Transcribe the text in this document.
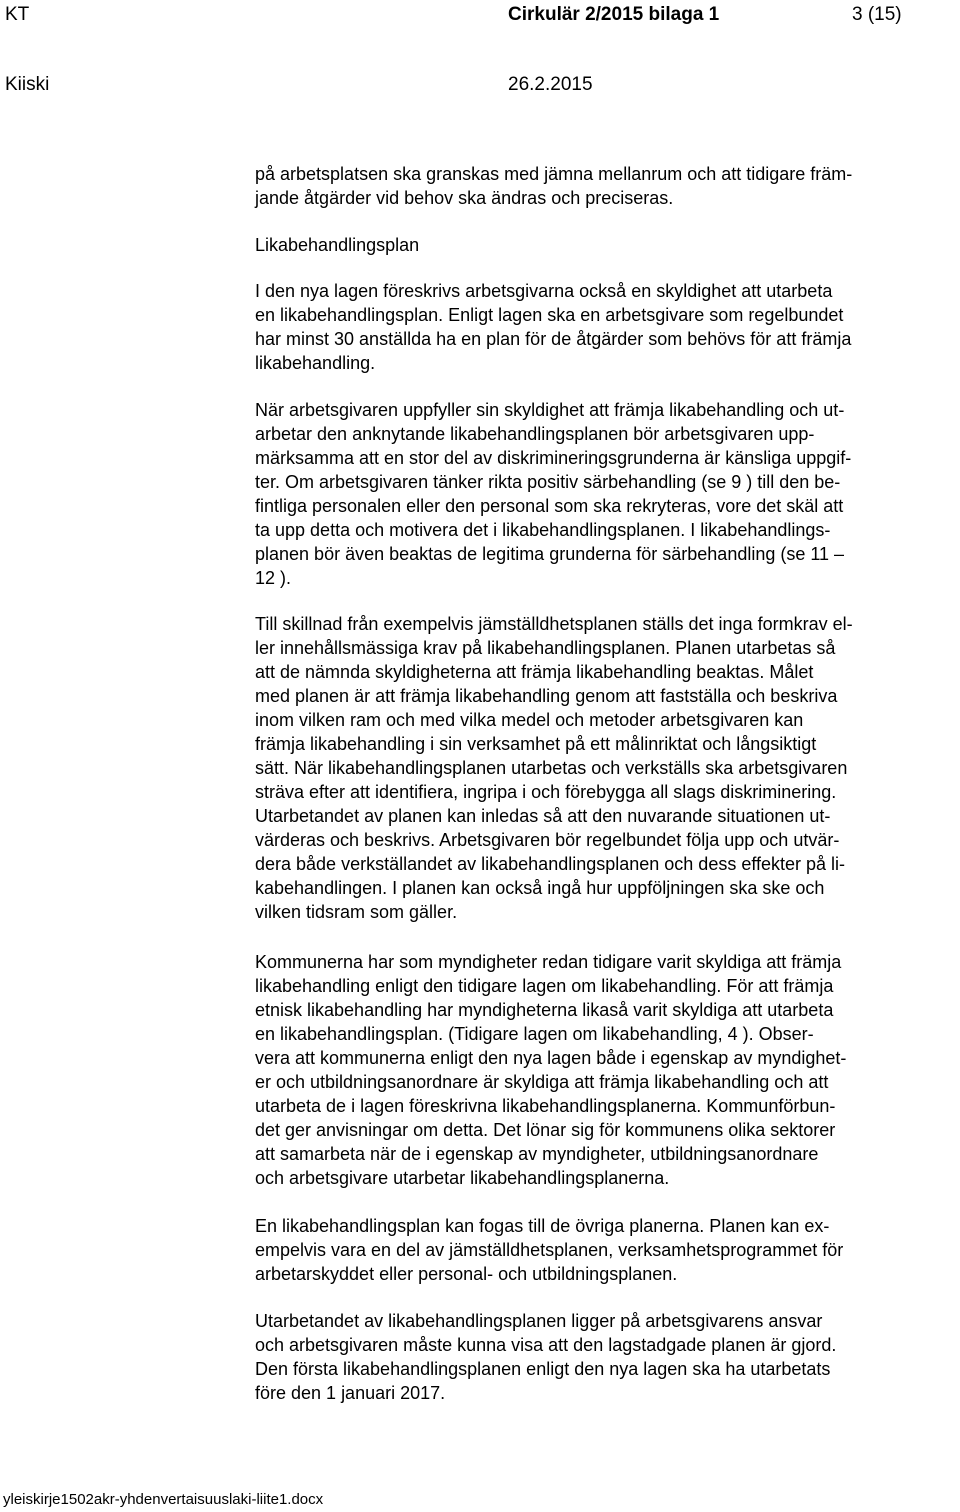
KT	Cirkulär 2/2015 bilaga 1	3 (15)
Kiiski	26.2.2015
på arbetsplatsen ska granskas med jämna mellanrum och att tidigare främ-
jande åtgärder vid behov ska ändras och preciseras.
Likabehandlingsplan
I den nya lagen föreskrivs arbetsgivarna också en skyldighet att utarbeta
en likabehandlingsplan. Enligt lagen ska en arbetsgivare som regelbundet
har minst 30 anställda ha en plan för de åtgärder som behövs för att främja
likabehandling.
När arbetsgivaren uppfyller sin skyldighet att främja likabehandling och ut-
arbetar den anknytande likabehandlingsplanen bör arbetsgivaren upp-
märksamma att en stor del av diskrimineringsgrunderna är känsliga uppgif-
ter. Om arbetsgivaren tänker rikta positiv särbehandling (se 9 ) till den be-
fintliga personalen eller den personal som ska rekryteras, vore det skäl att
ta upp detta och motivera det i likabehandlingsplanen. I likabehandlings-
planen bör även beaktas de legitima grunderna för särbehandling (se 11 –
12 ).
Till skillnad från exempelvis jämställdhetsplanen ställs det inga formkrav el-
ler innehållsmässiga krav på likabehandlingsplanen. Planen utarbetas så
att de nämnda skyldigheterna att främja likabehandling beaktas. Målet
med planen är att främja likabehandling genom att fastställa och beskriva
inom vilken ram och med vilka medel och metoder arbetsgivaren kan
främja likabehandling i sin verksamhet på ett målinriktat och långsiktigt
sätt. När likabehandlingsplanen utarbetas och verkställs ska arbetsgivaren
sträva efter att identifiera, ingripa i och förebygga all slags diskriminering.
Utarbetandet av planen kan inledas så att den nuvarande situationen ut-
värderas och beskrivs. Arbetsgivaren bör regelbundet följa upp och utvär-
dera både verkställandet av likabehandlingsplanen och dess effekter på li-
kabehandlingen. I planen kan också ingå hur uppföljningen ska ske och
vilken tidsram som gäller.
Kommunerna har som myndigheter redan tidigare varit skyldiga att främja
likabehandling enligt den tidigare lagen om likabehandling. För att främja
etnisk likabehandling har myndigheterna likaså varit skyldiga att utarbeta
en likabehandlingsplan. (Tidigare lagen om likabehandling, 4 ). Obser-
vera att kommunerna enligt den nya lagen både i egenskap av myndighet-
er och utbildningsanordnare är skyldiga att främja likabehandling och att
utarbeta de i lagen föreskrivna likabehandlingsplanerna. Kommunförbun-
det ger anvisningar om detta. Det lönar sig för kommunens olika sektorer
att samarbeta när de i egenskap av myndigheter, utbildningsanordnare
och arbetsgivare utarbetar likabehandlingsplanerna.
En likabehandlingsplan kan fogas till de övriga planerna. Planen kan ex-
empelvis vara en del av jämställdhetsplanen, verksamhetsprogrammet för
arbetarskyddet eller personal- och utbildningsplanen.
Utarbetandet av likabehandlingsplanen ligger på arbetsgivarens ansvar
och arbetsgivaren måste kunna visa att den lagstadgade planen är gjord.
Den första likabehandlingsplanen enligt den nya lagen ska ha utarbetats
före den 1 januari 2017.
yleiskirje1502akr-yhdenvertaisuuslaki-liite1.docx
